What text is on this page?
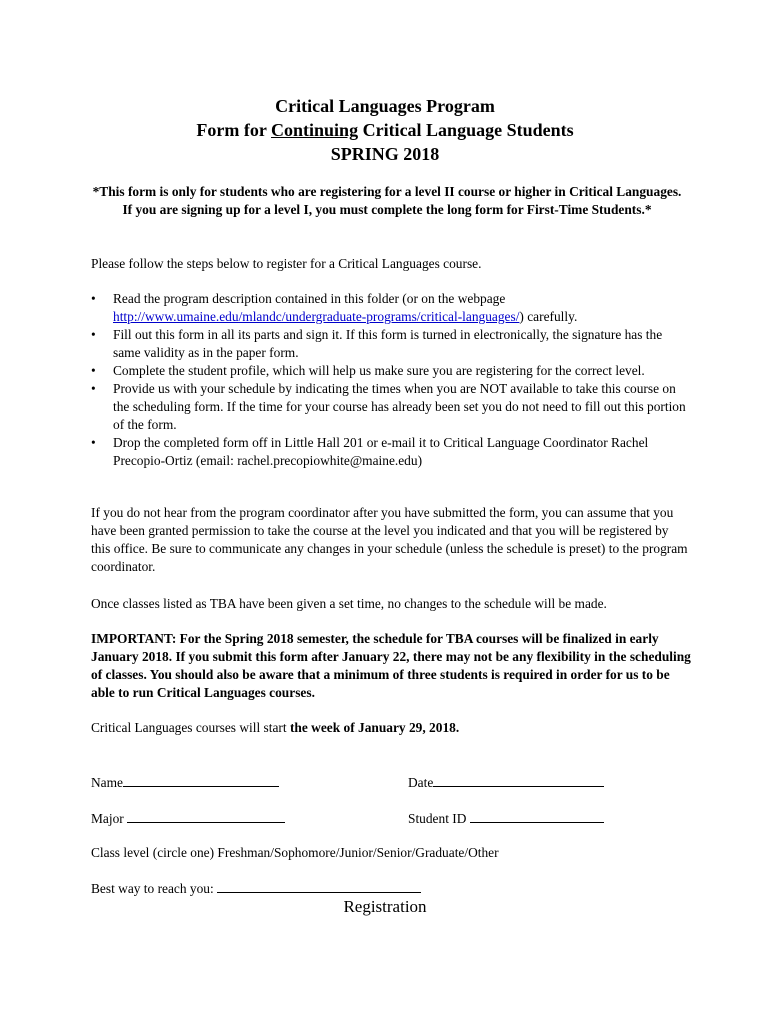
Critical Languages Program
Form for Continuing Critical Language Students
SPRING 2018
*This form is only for students who are registering for a level II course or higher in Critical Languages. If you are signing up for a level I, you must complete the long form for First-Time Students.*
Please follow the steps below to register for a Critical Languages course.
• Read the program description contained in this folder (or on the webpage http://www.umaine.edu/mlandc/undergraduate-programs/critical-languages/) carefully.
• Fill out this form in all its parts and sign it. If this form is turned in electronically, the signature has the same validity as in the paper form.
• Complete the student profile, which will help us make sure you are registering for the correct level.
• Provide us with your schedule by indicating the times when you are NOT available to take this course on the scheduling form. If the time for your course has already been set you do not need to fill out this portion of the form.
• Drop the completed form off in Little Hall 201 or e-mail it to Critical Language Coordinator Rachel Precopio-Ortiz (email: rachel.precopiowhite@maine.edu)
If you do not hear from the program coordinator after you have submitted the form, you can assume that you have been granted permission to take the course at the level you indicated and that you will be registered by this office. Be sure to communicate any changes in your schedule (unless the schedule is preset) to the program coordinator.
Once classes listed as TBA have been given a set time, no changes to the schedule will be made.
IMPORTANT: For the Spring 2018 semester, the schedule for TBA courses will be finalized in early January 2018. If you submit this form after January 22, there may not be any flexibility in the scheduling of classes. You should also be aware that a minimum of three students is required in order for us to be able to run Critical Languages courses.
Critical Languages courses will start the week of January 29, 2018.
Name	Date
Major	Student ID
Class level (circle one) Freshman/Sophomore/Junior/Senior/Graduate/Other
Best way to reach you:
Registration
